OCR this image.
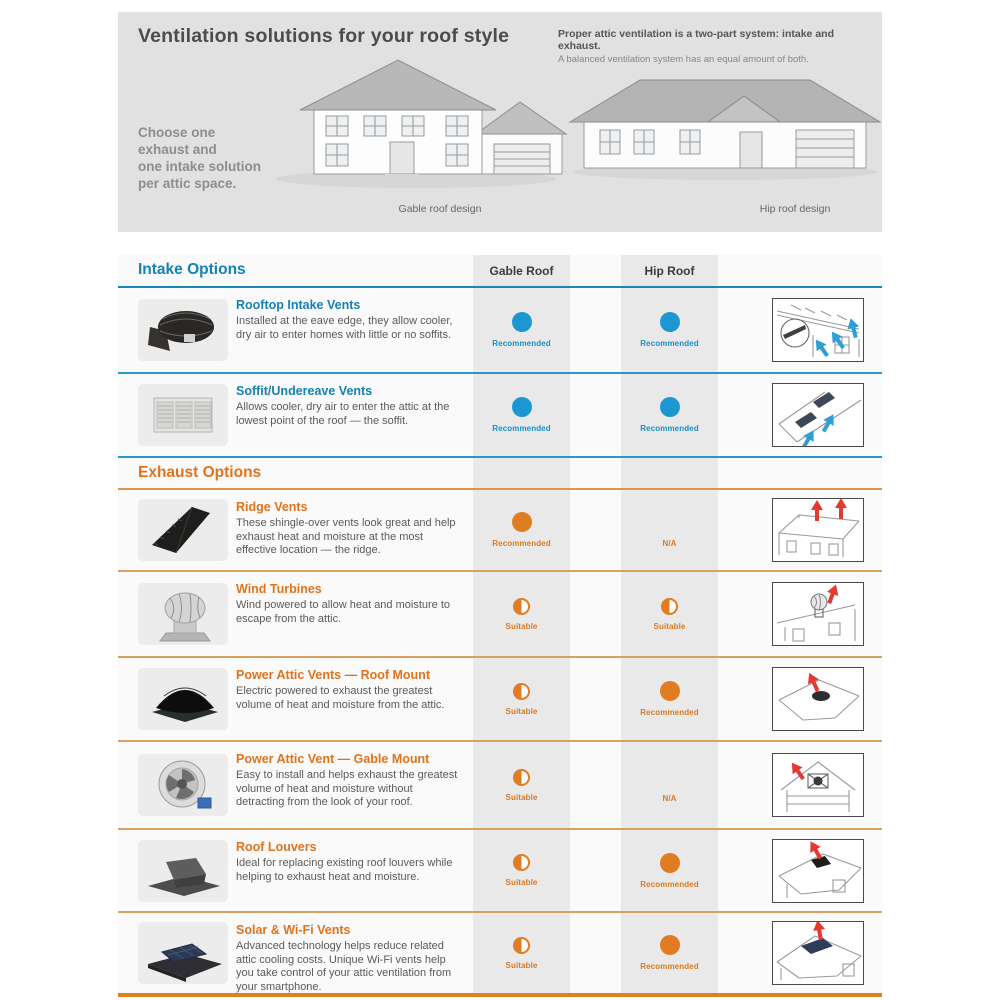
Ventilation solutions for your roof style	Proper attic ventilation is a two-part system: intake and exhaust.
A balanced ventilation system has an equal amount of both.
Choose one
exhaust and
one intake solution
per attic space.
Gable roof design	Hip roof design
Intake Options	Gable Roof	Hip Roof
Rooftop Intake Vents
Installed at the eave edge, they allow cooler, dry air to enter homes with little or no soffits.
Recommended	Recommended
Soffit/Undereave Vents
Allows cooler, dry air to enter the attic at the lowest point of the roof — the soffit.
Recommended	Recommended
Exhaust Options
Ridge Vents
These shingle-over vents look great and help exhaust heat and moisture at the most effective location — the ridge.
Recommended	N/A
Wind Turbines
Wind powered to allow heat and moisture to escape from the attic.
Suitable	Suitable
Power Attic Vents — Roof Mount
Electric powered to exhaust the greatest volume of heat and moisture from the attic.
Suitable	Recommended
Power Attic Vent — Gable Mount
Easy to install and helps exhaust the greatest volume of heat and moisture without detracting from the look of your roof.	Suitable	N/A
Roof Louvers
Ideal for replacing existing roof louvers while helping to exhaust heat and moisture.	Suitable	Recommended
Solar & Wi-Fi Vents
Advanced technology helps reduce related attic cooling costs. Unique Wi-Fi vents help you take control of your attic ventilation from your smartphone.
Suitable	Recommended
